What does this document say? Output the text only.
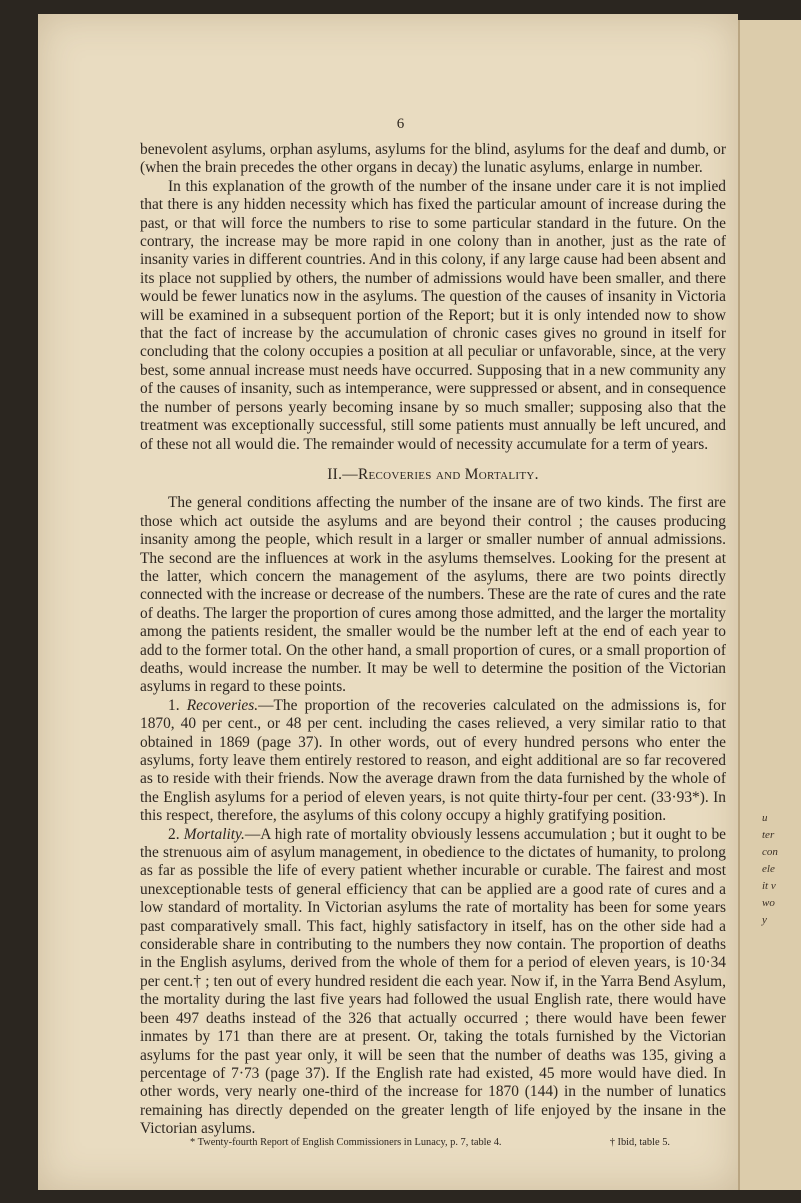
u
ter
con
ele
it v
wo
y
6

benevolent asylums, orphan asylums, asylums for the blind, asylums for the deaf and dumb, or (when the brain precedes the other organs in decay) the lunatic asylums, enlarge in number.

In this explanation of the growth of the number of the insane under care it is not implied that there is any hidden necessity which has fixed the particular amount of increase during the past, or that will force the numbers to rise to some particular standard in the future. On the contrary, the increase may be more rapid in one colony than in another, just as the rate of insanity varies in different countries. And in this colony, if any large cause had been absent and its place not supplied by others, the number of admissions would have been smaller, and there would be fewer lunatics now in the asylums. The question of the causes of insanity in Victoria will be examined in a subsequent portion of the Report; but it is only intended now to show that the fact of increase by the accumulation of chronic cases gives no ground in itself for concluding that the colony occupies a position at all peculiar or unfavorable, since, at the very best, some annual increase must needs have occurred. Supposing that in a new community any of the causes of insanity, such as intemperance, were suppressed or absent, and in consequence the number of persons yearly becoming insane by so much smaller; supposing also that the treatment was exceptionally successful, still some patients must annually be left uncured, and of these not all would die. The remainder would of necessity accumulate for a term of years.

II.—Recoveries and Mortality.

The general conditions affecting the number of the insane are of two kinds. The first are those which act outside the asylums and are beyond their control ; the causes producing insanity among the people, which result in a larger or smaller number of annual admissions. The second are the influences at work in the asylums themselves. Looking for the present at the latter, which concern the management of the asylums, there are two points directly connected with the increase or decrease of the numbers. These are the rate of cures and the rate of deaths. The larger the proportion of cures among those admitted, and the larger the mortality among the patients resident, the smaller would be the number left at the end of each year to add to the former total. On the other hand, a small proportion of cures, or a small proportion of deaths, would increase the number. It may be well to determine the position of the Victorian asylums in regard to these points.

1. Recoveries.—The proportion of the recoveries calculated on the admissions is, for 1870, 40 per cent., or 48 per cent. including the cases relieved, a very similar ratio to that obtained in 1869 (page 37). In other words, out of every hundred persons who enter the asylums, forty leave them entirely restored to reason, and eight additional are so far recovered as to reside with their friends. Now the average drawn from the data furnished by the whole of the English asylums for a period of eleven years, is not quite thirty-four per cent. (33·93*). In this respect, therefore, the asylums of this colony occupy a highly gratifying position.

2. Mortality.—A high rate of mortality obviously lessens accumulation ; but it ought to be the strenuous aim of asylum management, in obedience to the dictates of humanity, to prolong as far as possible the life of every patient whether incurable or curable. The fairest and most unexceptionable tests of general efficiency that can be applied are a good rate of cures and a low standard of mortality. In Victorian asylums the rate of mortality has been for some years past comparatively small. This fact, highly satisfactory in itself, has on the other side had a considerable share in contributing to the numbers they now contain. The proportion of deaths in the English asylums, derived from the whole of them for a period of eleven years, is 10·34 per cent.† ; ten out of every hundred resident die each year. Now if, in the Yarra Bend Asylum, the mortality during the last five years had followed the usual English rate, there would have been 497 deaths instead of the 326 that actually occurred ; there would have been fewer inmates by 171 than there are at present. Or, taking the totals furnished by the Victorian asylums for the past year only, it will be seen that the number of deaths was 135, giving a percentage of 7·73 (page 37). If the English rate had existed, 45 more would have died. In other words, very nearly one-third of the increase for 1870 (144) in the number of lunatics remaining has directly depended on the greater length of life enjoyed by the insane in the Victorian asylums.

* Twenty-fourth Report of English Commissioners in Lunacy, p. 7, table 4.	† Ibid, table 5.
